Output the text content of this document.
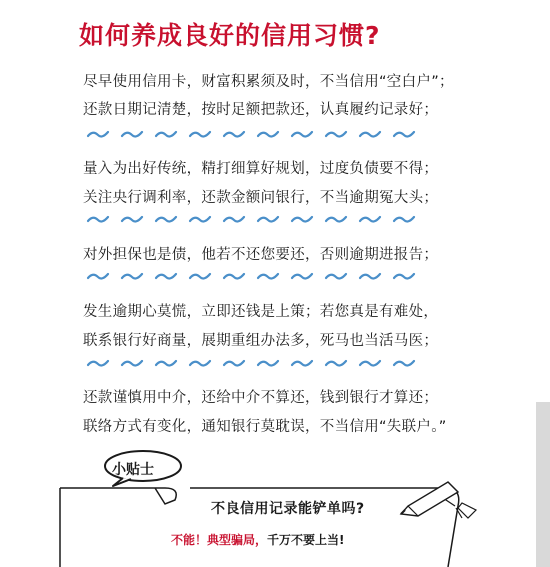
如何养成良好的信用习惯?
尽早使用信用卡，财富积累须及时，不当信用“空白户”；
还款日期记清楚，按时足额把款还，认真履约记录好；
量入为出好传统，精打细算好规划，过度负债要不得；
关注央行调利率，还款金额问银行，不当逾期冤大头；
对外担保也是债，他若不还您要还，否则逾期进报告；
发生逾期心莫慌，立即还钱是上策；若您真是有难处，
联系银行好商量，展期重组办法多，死马也当活马医；
还款谨慎用中介，还给中介不算还，钱到银行才算还；
联络方式有变化，通知银行莫耽误，不当信用“失联户。”
小贴士
不良信用记录能铲单吗?
不能！典型骗局，千万不要上当!
